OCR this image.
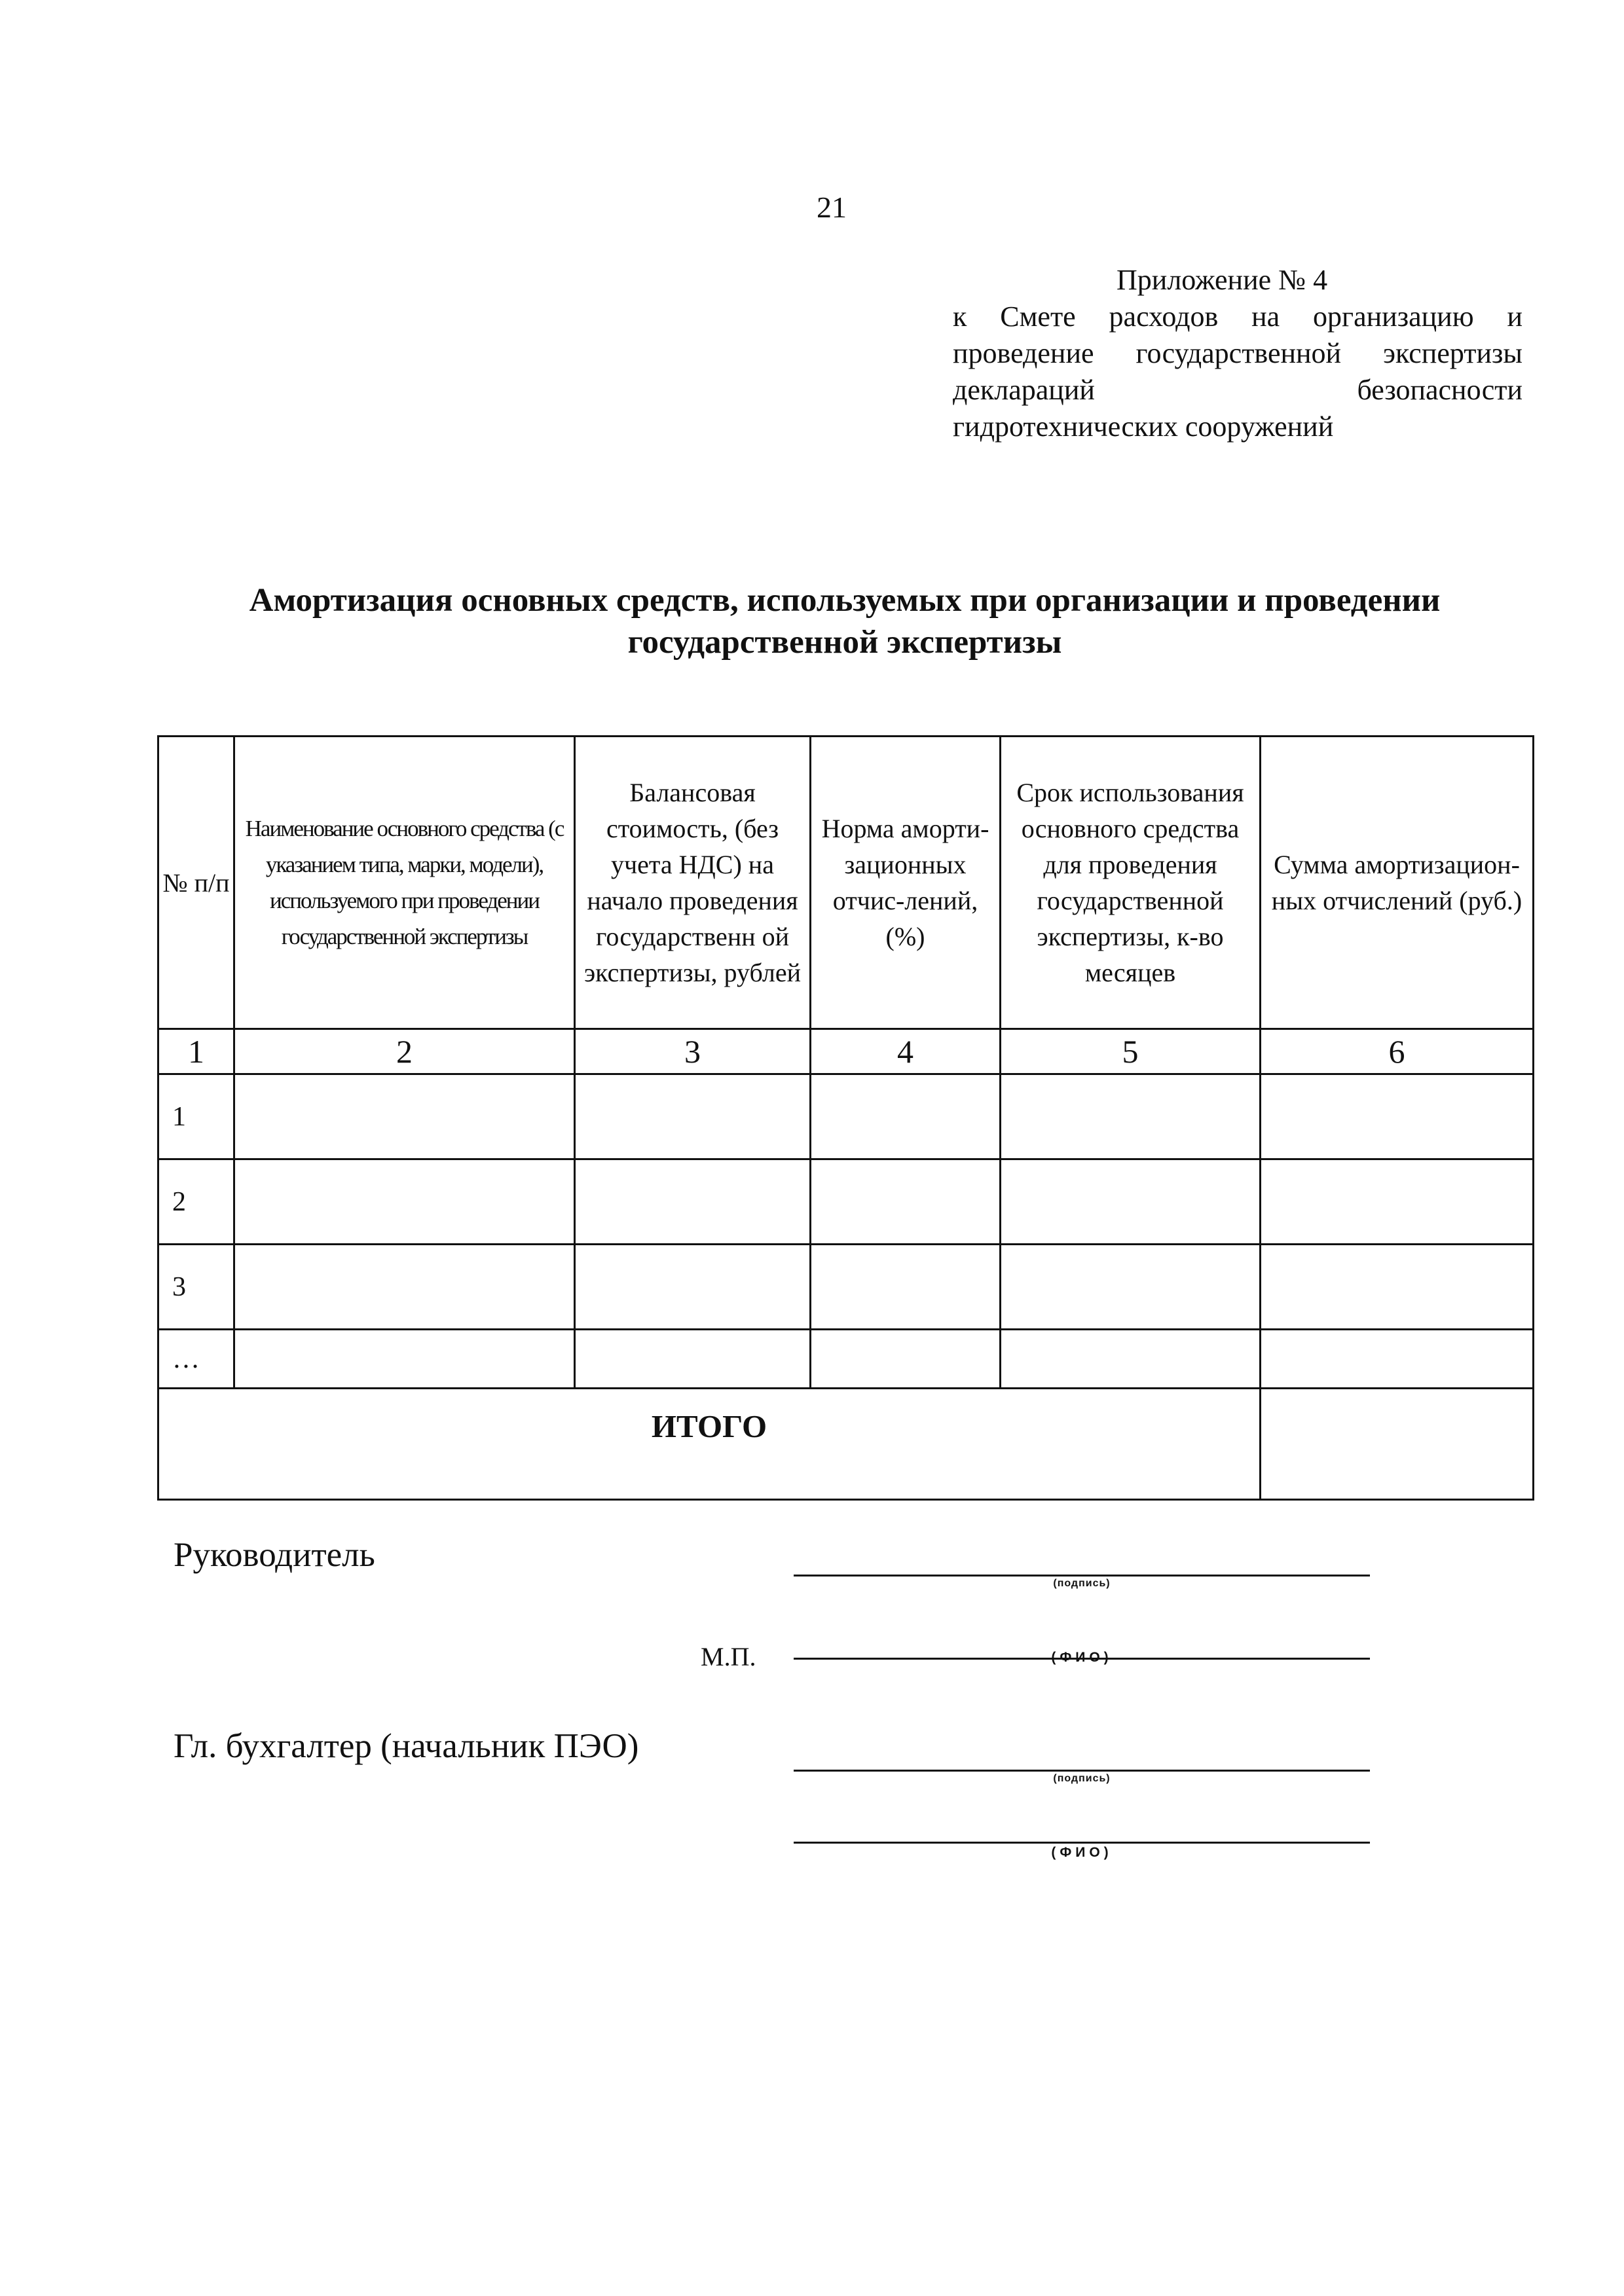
21
Приложение № 4
к Смете расходов на организацию и
проведение государственной экспертизы
деклараций безопасности
гидротехнических сооружений
Амортизация основных средств, используемых при организации и проведении
государственной экспертизы
№ п/п	Наименование основного средства (с указанием типа, марки, модели), используемого при проведении государственной экспертизы	Балансовая стоимость, (без учета НДС) на начало проведения государственн ой экспертизы, рублей	Норма аморти-зационных отчис-лений, (%)	Срок использования основного средства для проведения государственной экспертизы, к-во месяцев	Сумма амортизацион-ных отчислений (руб.)
1	2	3	4	5	6
1					
2					
3					
…					
ИТОГО					
Руководитель
(подпись)
М.П.	(ФИО)
Гл. бухгалтер (начальник ПЭО)
(подпись)
(ФИО)
